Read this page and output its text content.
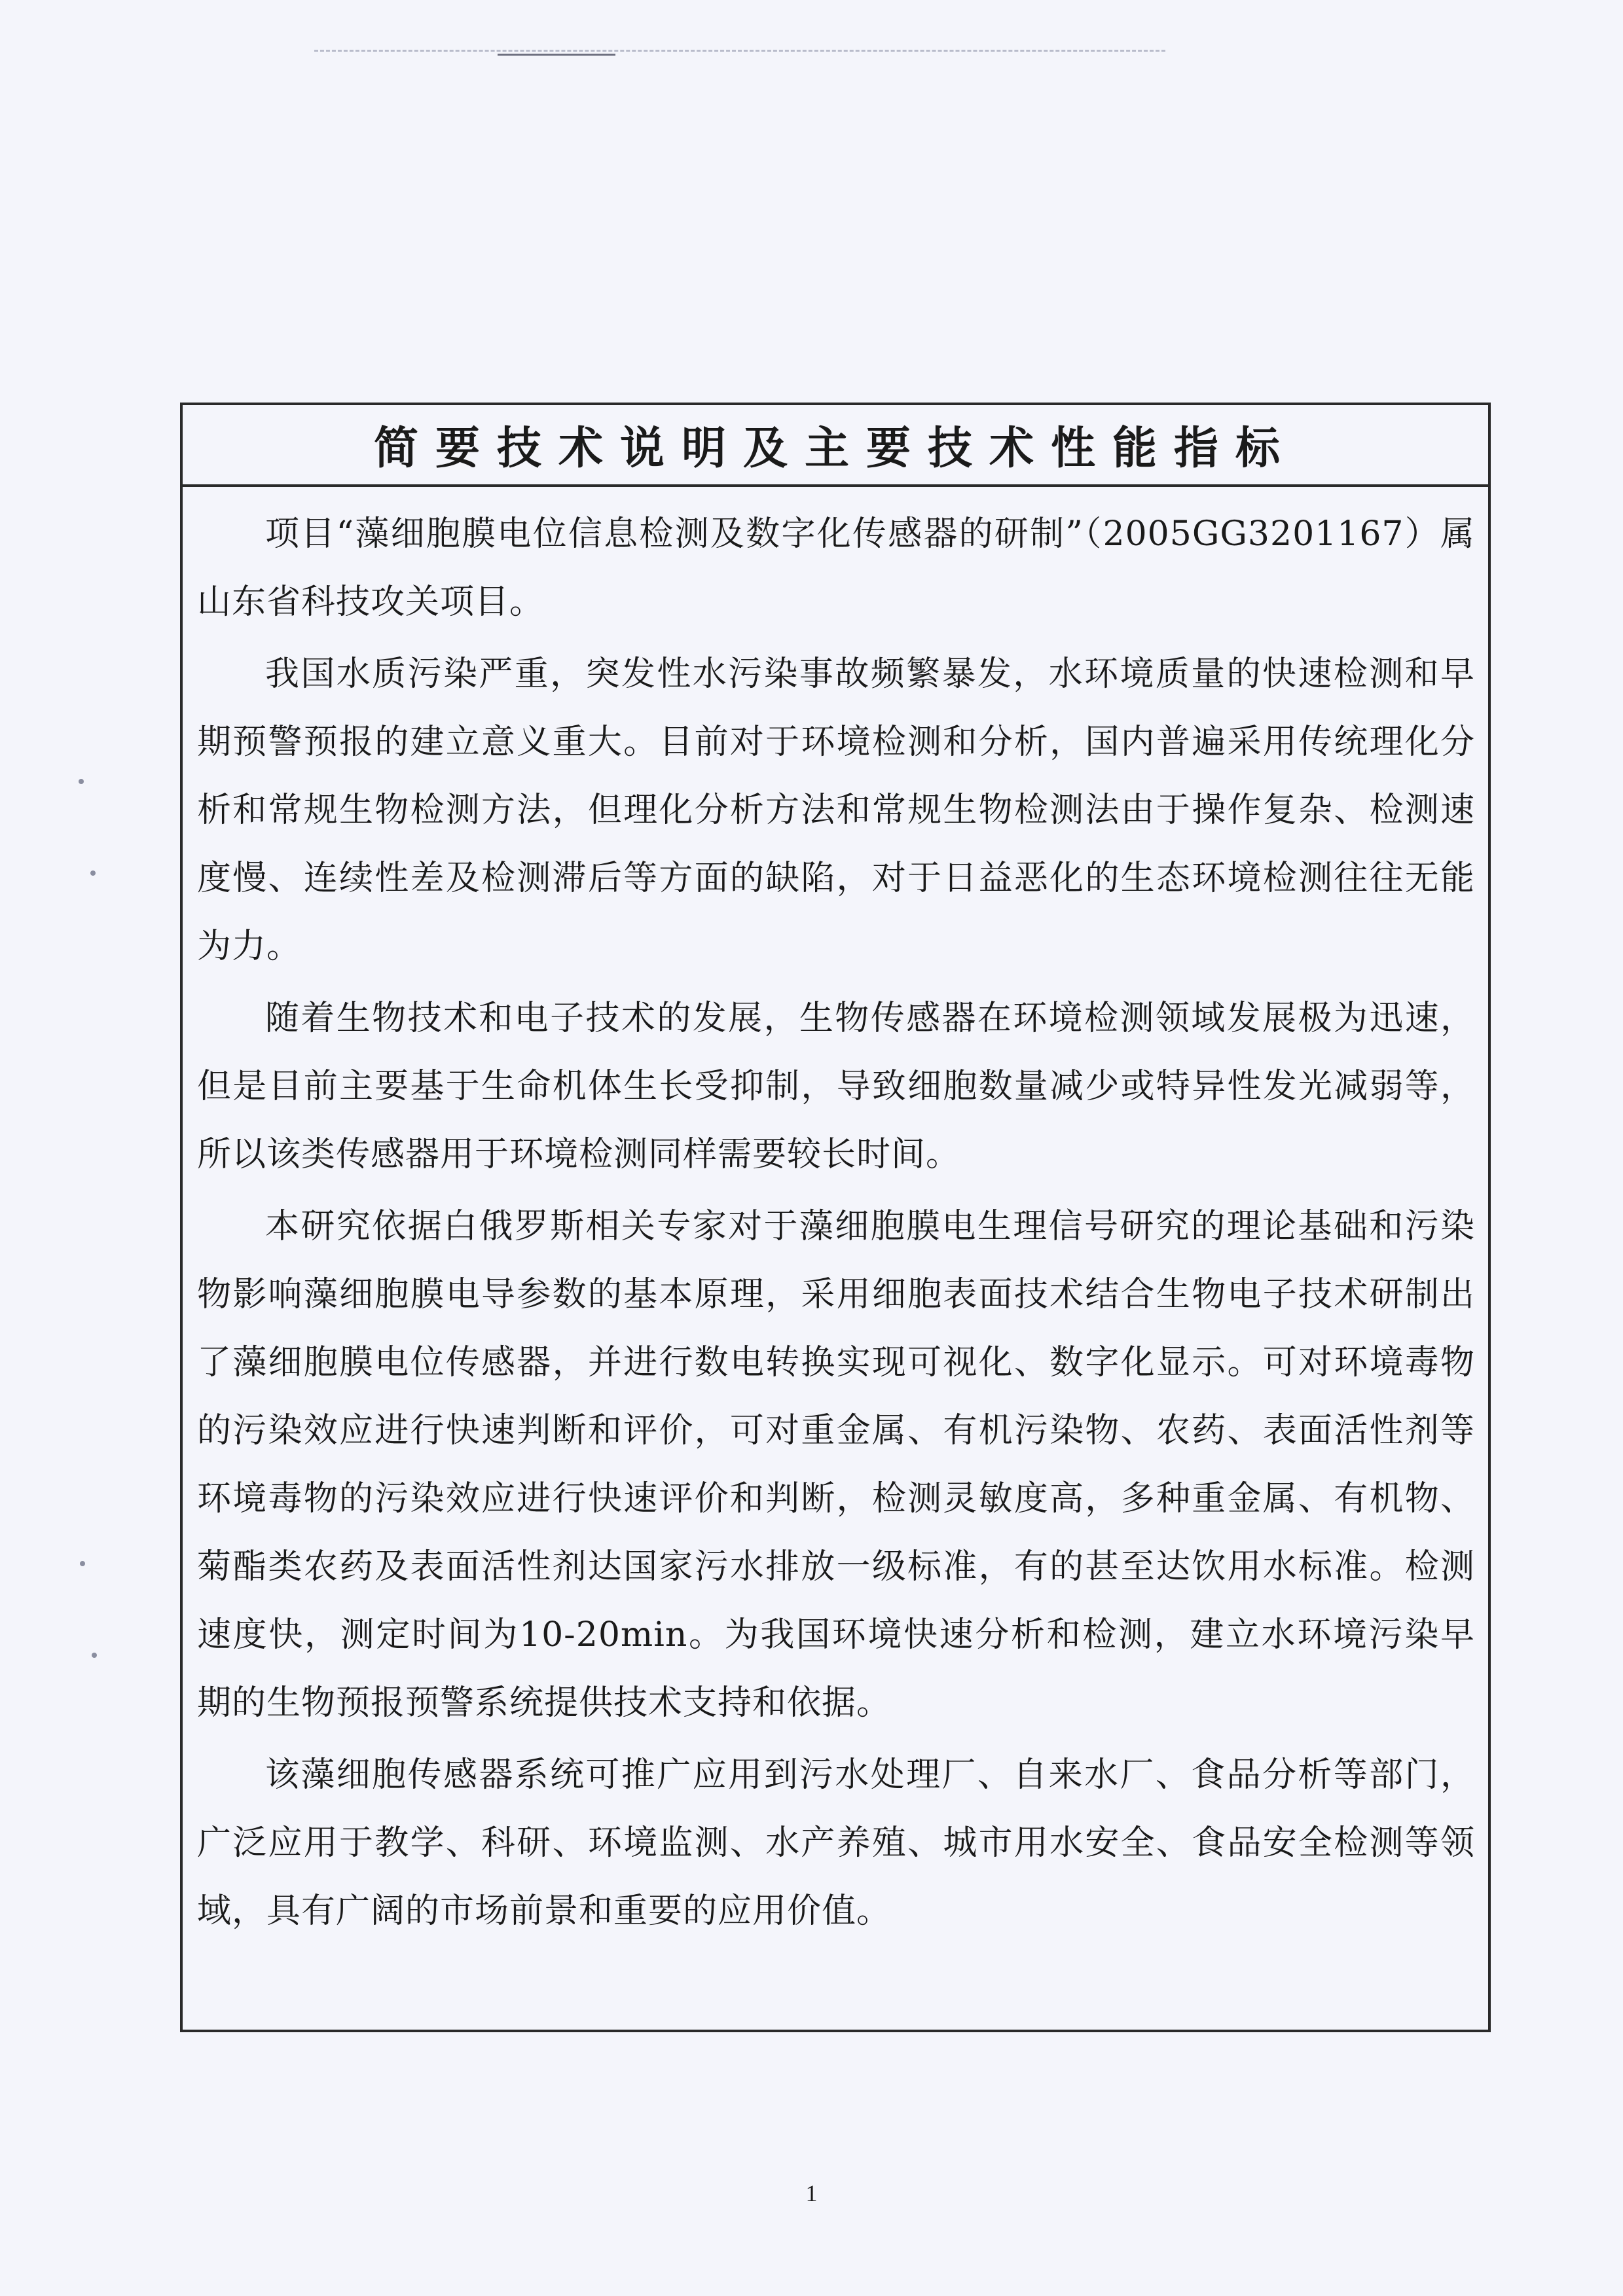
简要技术说明及主要技术性能指标

项目“藻细胞膜电位信息检测及数字化传感器的研制”（2005GG3201167）属山东省科技攻关项目。

我国水质污染严重，突发性水污染事故频繁暴发，水环境质量的快速检测和早期预警预报的建立意义重大。目前对于环境检测和分析，国内普遍采用传统理化分析和常规生物检测方法，但理化分析方法和常规生物检测法由于操作复杂、检测速度慢、连续性差及检测滞后等方面的缺陷，对于日益恶化的生态环境检测往往无能为力。

随着生物技术和电子技术的发展，生物传感器在环境检测领域发展极为迅速，但是目前主要基于生命机体生长受抑制，导致细胞数量减少或特异性发光减弱等，所以该类传感器用于环境检测同样需要较长时间。

本研究依据白俄罗斯相关专家对于藻细胞膜电生理信号研究的理论基础和污染物影响藻细胞膜电导参数的基本原理，采用细胞表面技术结合生物电子技术研制出了藻细胞膜电位传感器，并进行数电转换实现可视化、数字化显示。可对环境毒物的污染效应进行快速判断和评价，可对重金属、有机污染物、农药、表面活性剂等环境毒物的污染效应进行快速评价和判断，检测灵敏度高，多种重金属、有机物、菊酯类农药及表面活性剂达国家污水排放一级标准，有的甚至达饮用水标准。检测速度快，测定时间为10-20min。为我国环境快速分析和检测，建立水环境污染早期的生物预报预警系统提供技术支持和依据。

该藻细胞传感器系统可推广应用到污水处理厂、自来水厂、食品分析等部门，广泛应用于教学、科研、环境监测、水产养殖、城市用水安全、食品安全检测等领域，具有广阔的市场前景和重要的应用价值。

1
